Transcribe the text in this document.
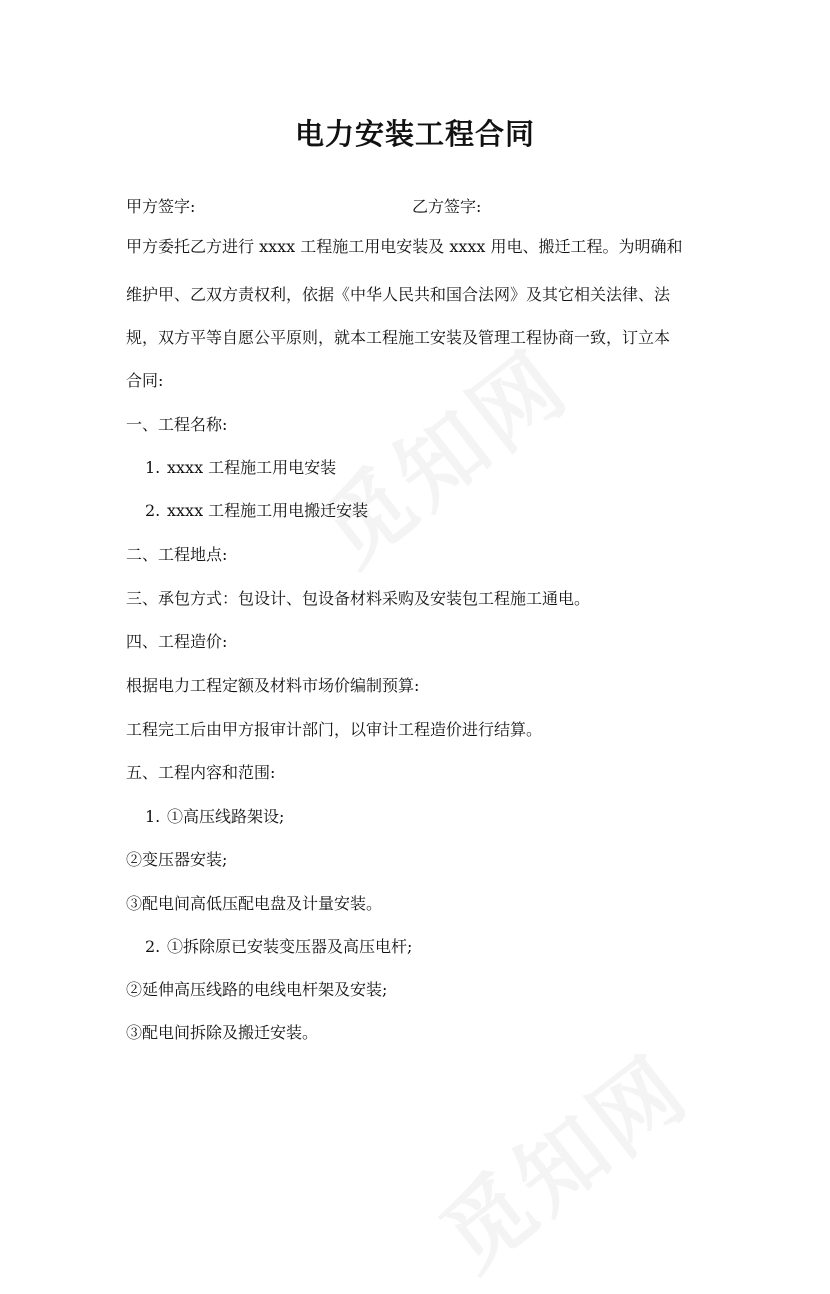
电力安装工程合同
甲方签字:	乙方签字:
甲方委托乙方进行 xxxx 工程施工用电安装及 xxxx 用电、搬迁工程。为明确和
维护甲、乙双方责权利，依据《中华人民共和国合法网》及其它相关法律、法
规，双方平等自愿公平原则，就本工程施工安装及管理工程协商一致，订立本
合同:
一、工程名称:
1. xxxx 工程施工用电安装
2. xxxx 工程施工用电搬迁安装
二、工程地点:
三、承包方式：包设计、包设备材料采购及安装包工程施工通电。
四、工程造价:
根据电力工程定额及材料市场价编制预算:
工程完工后由甲方报审计部门，以审计工程造价进行结算。
五、工程内容和范围:
1. ①高压线路架设;
②变压器安装;
③配电间高低压配电盘及计量安装。
2. ①拆除原已安装变压器及高压电杆;
②延伸高压线路的电线电杆架及安装;
③配电间拆除及搬迁安装。
